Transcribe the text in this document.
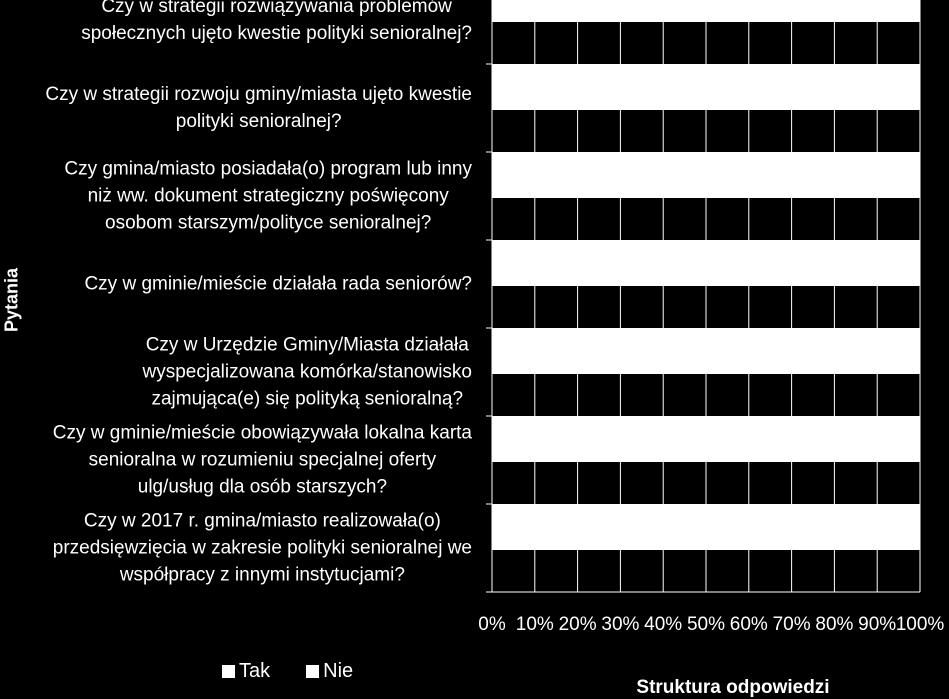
0% 10% 20% 30% 40% 50% 60% 70% 80% 90% 100%
Czy w strategii rozwiązywania problemów
społecznych ujęto kwestie polityki senioralnej?
Czy w strategii rozwoju gminy/miasta ujęto kwestie
polityki senioralnej?
Czy gmina/miasto posiadała(o) program lub inny
niż ww. dokument strategiczny poświęcony
osobom starszym/polityce senioralnej?
Czy w gminie/mieście działała rada seniorów?
Czy w Urzędzie Gminy/Miasta działała
wyspecjalizowana komórka/stanowisko
zajmująca(e) się polityką senioralną?
Czy w gminie/mieście obowiązywała lokalna karta
senioralna w rozumieniu specjalnej oferty
ulg/usług dla osób starszych?
Czy w 2017 r. gmina/miasto realizowała(o)
przedsięwzięcia w zakresie polityki senioralnej we
współpracy z innymi instytucjami?
Pytania
Struktura odpowiedzi
Tak	Nie
